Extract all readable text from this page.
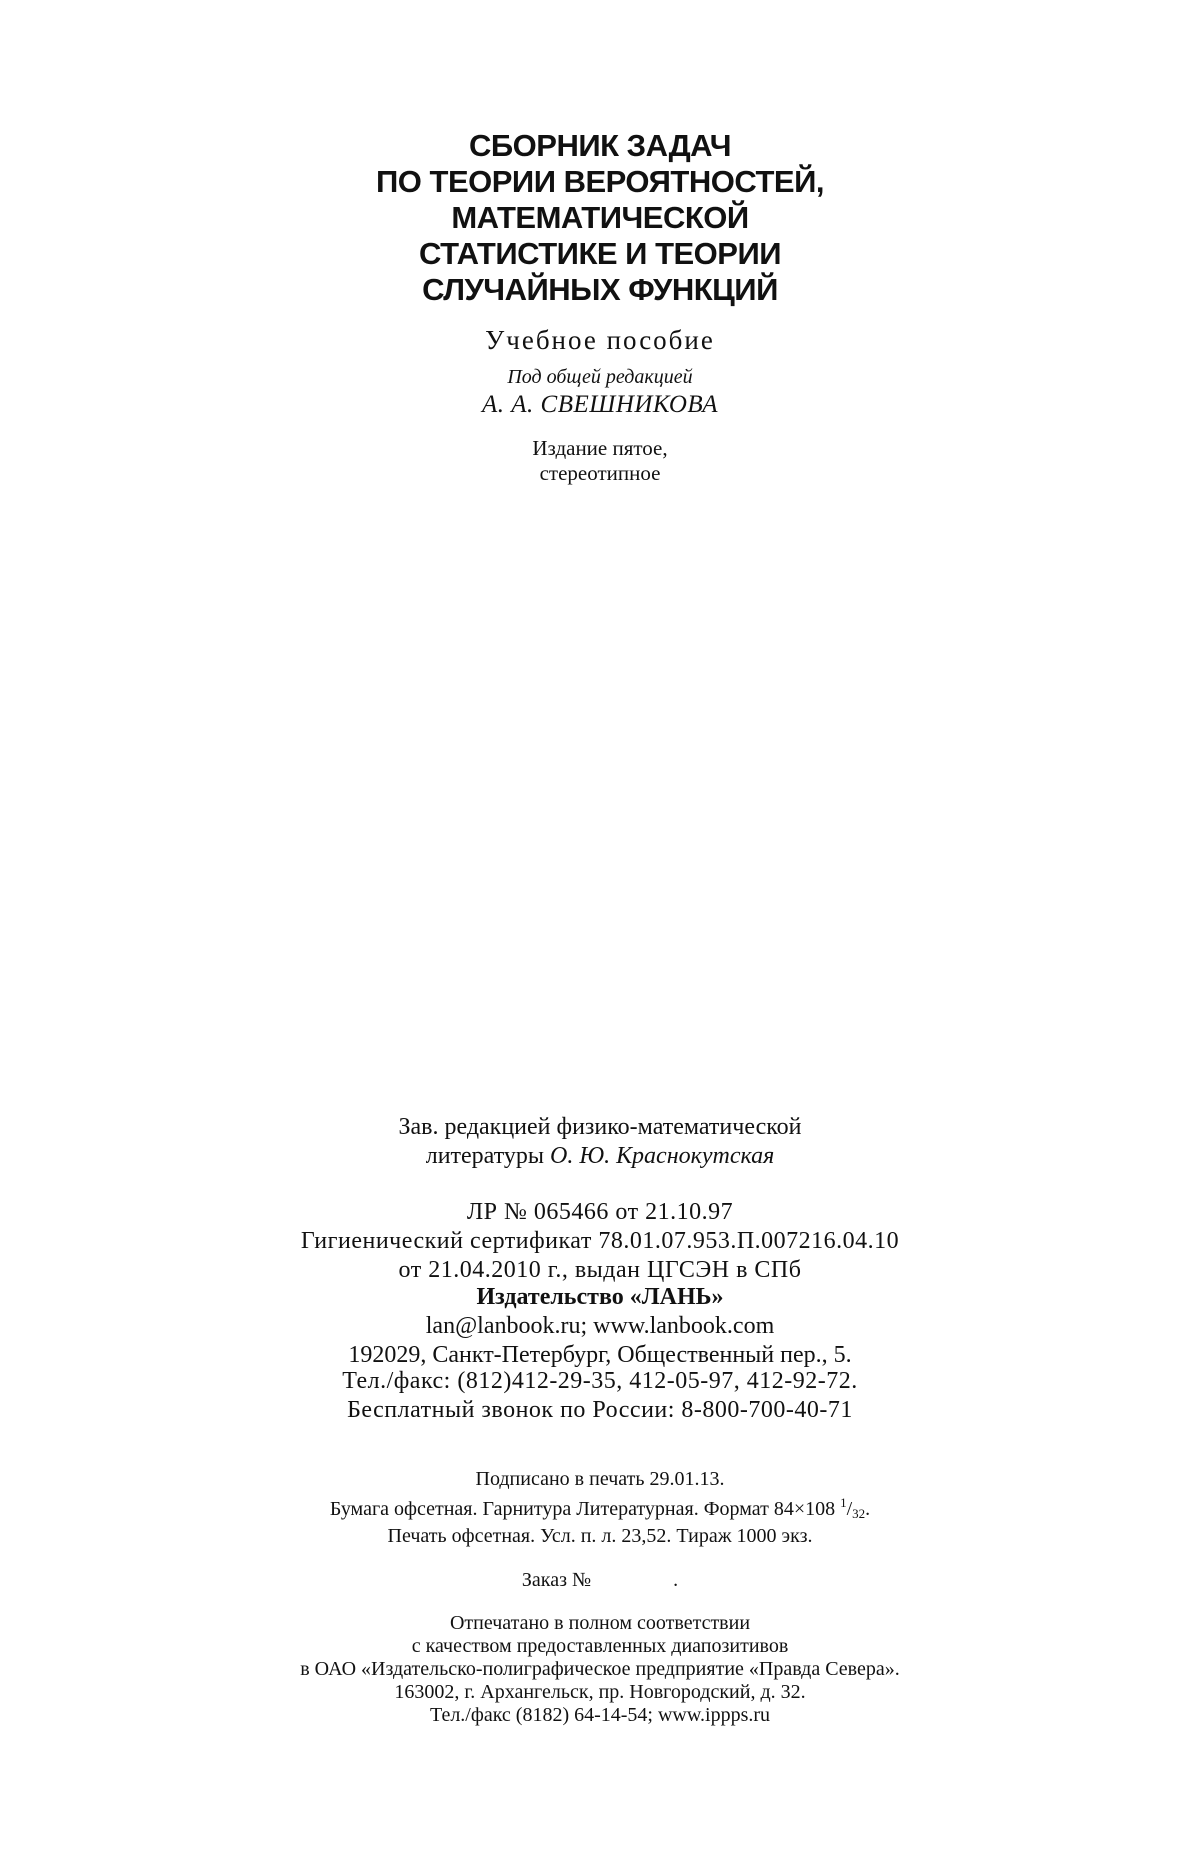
СБОРНИК ЗАДАЧ
ПО ТЕОРИИ ВЕРОЯТНОСТЕЙ,
МАТЕМАТИЧЕСКОЙ
СТАТИСТИКЕ И ТЕОРИИ
СЛУЧАЙНЫХ ФУНКЦИЙ
Учебное пособие
Под общей редакцией
А. А. СВЕШНИКОВА
Издание пятое,
стереотипное
Зав. редакцией физико-математической
литературы О. Ю. Краснокутская
ЛР № 065466 от 21.10.97
Гигиенический сертификат 78.01.07.953.П.007216.04.10
от 21.04.2010 г., выдан ЦГСЭН в СПб
Издательство «ЛАНЬ»
lan@lanbook.ru; www.lanbook.com
192029, Санкт-Петербург, Общественный пер., 5.
Тел./факс: (812)412-29-35, 412-05-97, 412-92-72.
Бесплатный звонок по России: 8-800-700-40-71
Подписано в печать 29.01.13.
Бумага офсетная. Гарнитура Литературная. Формат 84×108 $^1/_{32}$.
Печать офсетная. Усл. п. л. 23,52. Тираж 1000 экз.
Заказ №	.
Отпечатано в полном соответствии
с качеством предоставленных диапозитивов
в ОАО «Издательско-полиграфическое предприятие «Правда Севера».
163002, г. Архангельск, пр. Новгородский, д. 32.
Тел./факс (8182) 64-14-54; www.ippps.ru
